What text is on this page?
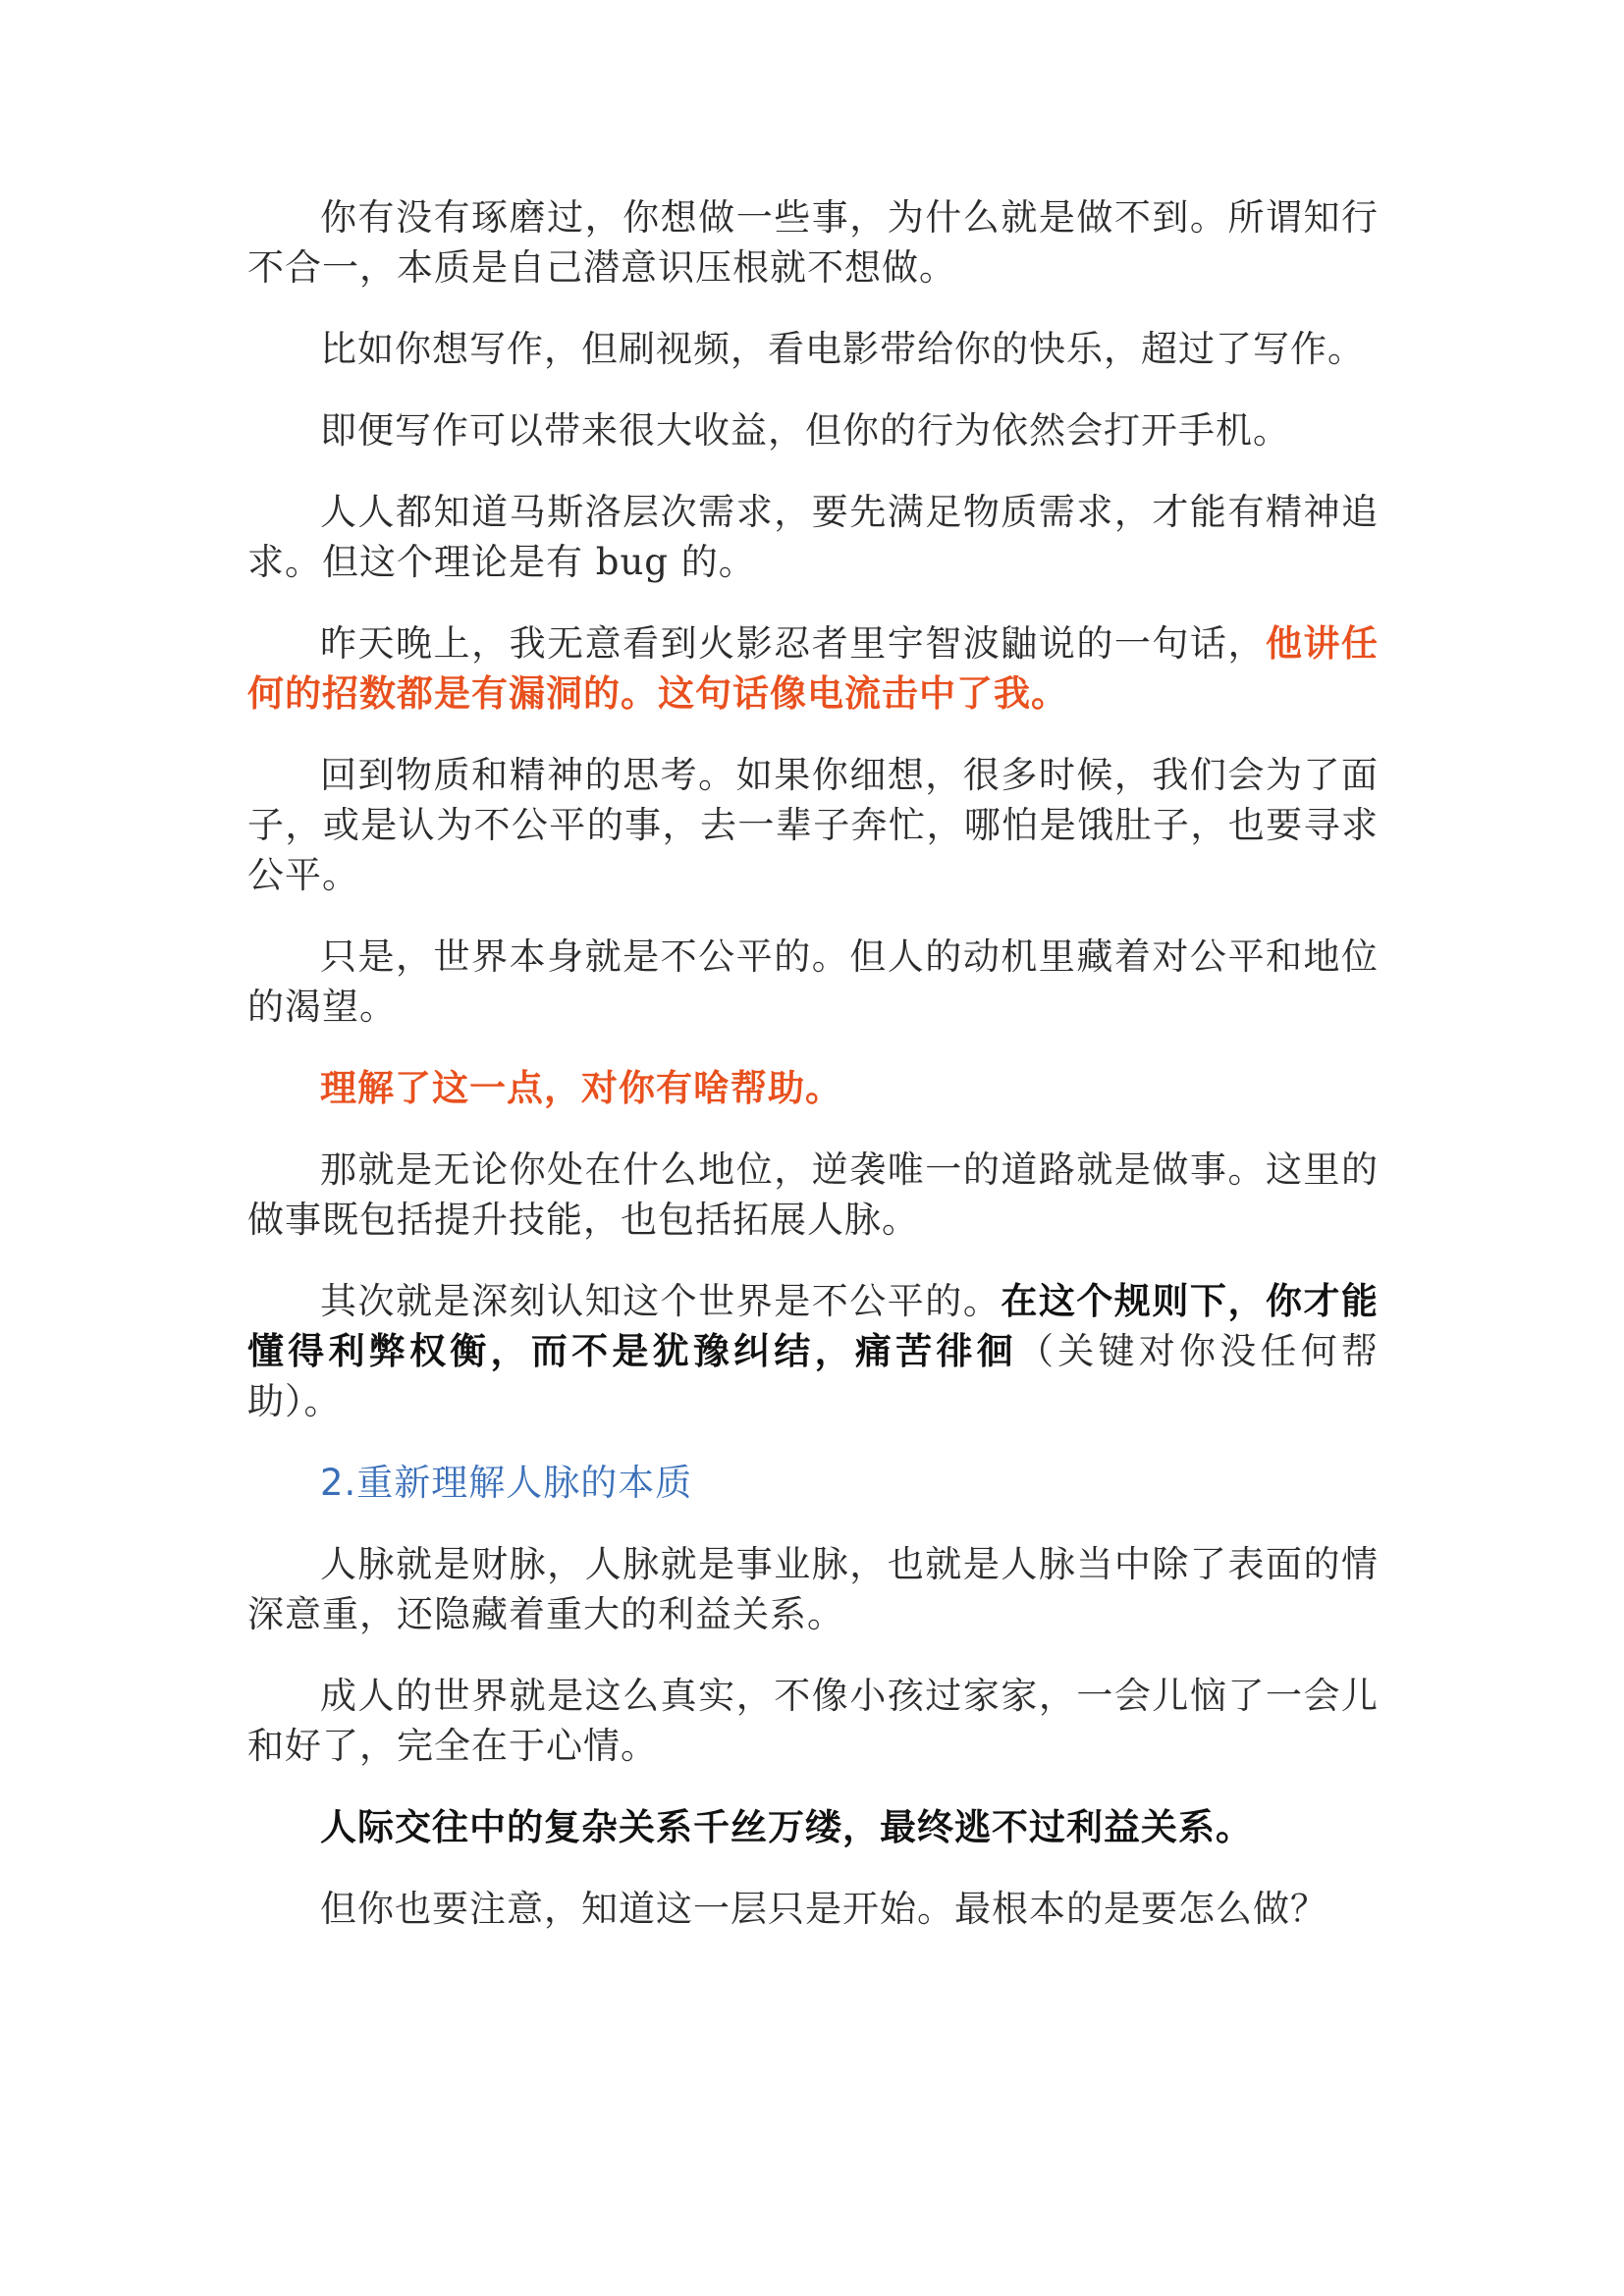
你有没有琢磨过，你想做一些事，为什么就是做不到。所谓知行不合一，本质是自己潜意识压根就不想做。

比如你想写作，但刷视频，看电影带给你的快乐，超过了写作。

即便写作可以带来很大收益，但你的行为依然会打开手机。

人人都知道马斯洛层次需求，要先满足物质需求，才能有精神追求。但这个理论是有 bug 的。

昨天晚上，我无意看到火影忍者里宇智波鼬说的一句话，他讲任何的招数都是有漏洞的。这句话像电流击中了我。

回到物质和精神的思考。如果你细想，很多时候，我们会为了面子，或是认为不公平的事，去一辈子奔忙，哪怕是饿肚子，也要寻求公平。

只是，世界本身就是不公平的。但人的动机里藏着对公平和地位的渴望。

理解了这一点，对你有啥帮助。

那就是无论你处在什么地位，逆袭唯一的道路就是做事。这里的做事既包括提升技能，也包括拓展人脉。

其次就是深刻认知这个世界是不公平的。在这个规则下，你才能懂得利弊权衡，而不是犹豫纠结，痛苦徘徊（关键对你没任何帮助）。

2.重新理解人脉的本质

人脉就是财脉，人脉就是事业脉，也就是人脉当中除了表面的情深意重，还隐藏着重大的利益关系。

成人的世界就是这么真实，不像小孩过家家，一会儿恼了一会儿和好了，完全在于心情。

人际交往中的复杂关系千丝万缕，最终逃不过利益关系。

但你也要注意，知道这一层只是开始。最根本的是要怎么做？
